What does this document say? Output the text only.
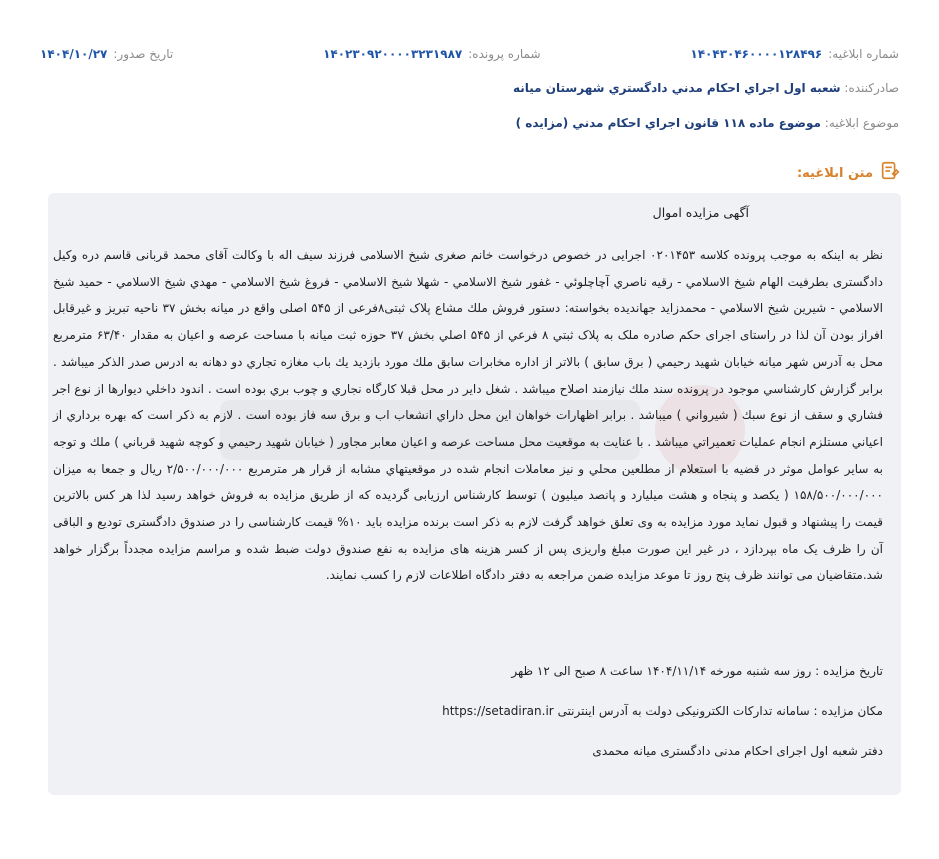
شماره ابلاغیه:
۱۴۰۴۳۰۴۶۰۰۰۰۱۲۸۴۹۶
شماره پرونده:
۱۴۰۲۳۰۹۲۰۰۰۰۳۲۳۱۹۸۷
تاریخ صدور:
۱۴۰۴/۱۰/۲۷
صادرکننده: شعبه اول اجراي احكام مدني دادگستري شهرستان ميانه
موضوع ابلاغیه: موضوع ماده ۱۱۸ قانون اجراي احكام مدني (مزايده )
متن ابلاغیه:
آگهی مزایده اموال

نظر به اینکه به موجب پرونده کلاسه ۰۲۰۱۴۵۳ اجرایی در خصوص درخواست خانم صغری شیخ الاسلامی فرزند سیف اله با وکالت آقای محمد قربانی قاسم دره وکیل دادگستری بطرفیت الهام شیخ الاسلامي - رقیه ناصري آچاچلوئي - غفور شيخ الاسلامي - شهلا شيخ الاسلامي - فروغ شيخ الاسلامي - مهدي شيخ الاسلامي - حميد شيخ الاسلامي - شيرين شيخ الاسلامي - محمدزايد جهانديده بخواسته: دستور فروش ملك مشاع پلاک ثبتی۸فرعی از ۵۴۵ اصلی واقع در میانه بخش ۳۷ ناحیه تبریز و غیرقابل افراز بودن آن لذا در راستای اجرای حکم صادره ملک به پلاک ثبتي ۸ فرعي از ۵۴۵ اصلي بخش ۳۷ حوزه ثبت میانه با مساحت عرصه و اعیان به مقدار ۶۳/۴۰ مترمربع محل به آدرس شهر میانه خیابان شهید رحیمي ( برق سابق ) بالاتر از اداره مخابرات سابق ملك مورد بازديد يك باب مغازه تجاري دو دهانه به ادرس صدر الذکر میباشد . برابر گزارش کارشناسي موجود در پرونده سند ملك نيازمند اصلاح ميباشد . شغل داير در محل قبلا كارگاه نجاري و چوب بري بوده است . اندود داخلي ديوارها از نوع اجر فشاري و سقف از نوع سبك ( شيرواني ) میباشد . برابر اظهارات خواهان این محل داراي انشعاب اب و برق سه فاز بوده است . لازم به ذكر است كه بهره برداري از اعياني مستلزم انجام عمليات تعميراتي ميباشد . با عنايت به موقعيت محل مساحت عرصه و اعيان معابر مجاور ( خيابان شهيد رحيمي و كوچه شهيد قرباني ) ملك و توجه به ساير عوامل موثر در قضيه با استعلام از مطلعين محلي و نيز معاملات انجام شده در موقعيتهاي مشابه از قرار هر مترمربع ۲/۵۰۰/۰۰۰/۰۰۰ ريال و جمعا به ميزان ۱۵۸/۵۰۰/۰۰۰/۰۰۰ ( يكصد و پنجاه و هشت ميليارد و پانصد ميليون ) توسط کارشناس ارزیابی گردیده که از طریق مزایده به فروش خواهد رسید لذا هر کس بالاترین قیمت را پیشنهاد و قبول نماید مورد مزایده به وی تعلق خواهد گرفت لازم به ذکر است برنده مزایده باید ۱۰% قیمت کارشناسی را در صندوق دادگستری تودیع و الباقی آن را ظرف یک ماه بپردازد ، در غیر این صورت مبلغ واریزی پس از کسر هزینه های مزایده به نفع صندوق دولت ضبط شده و مراسم مزایده مجدداً برگزار خواهد شد.متقاضیان می توانند ظرف پنج روز تا موعد مزایده ضمن مراجعه به دفتر دادگاه اطلاعات لازم را کسب نمایند.

تاریخ مزایده : روز سه شنبه مورخه ۱۴۰۴/۱۱/۱۴ ساعت ۸ صبح الی ۱۲ ظهر
مکان مزایده : سامانه تدارکات الکترونیکی دولت به آدرس اینترنتی https://setadiran.ir
دفتر شعبه اول اجرای احکام مدنی دادگستری میانه محمدی
